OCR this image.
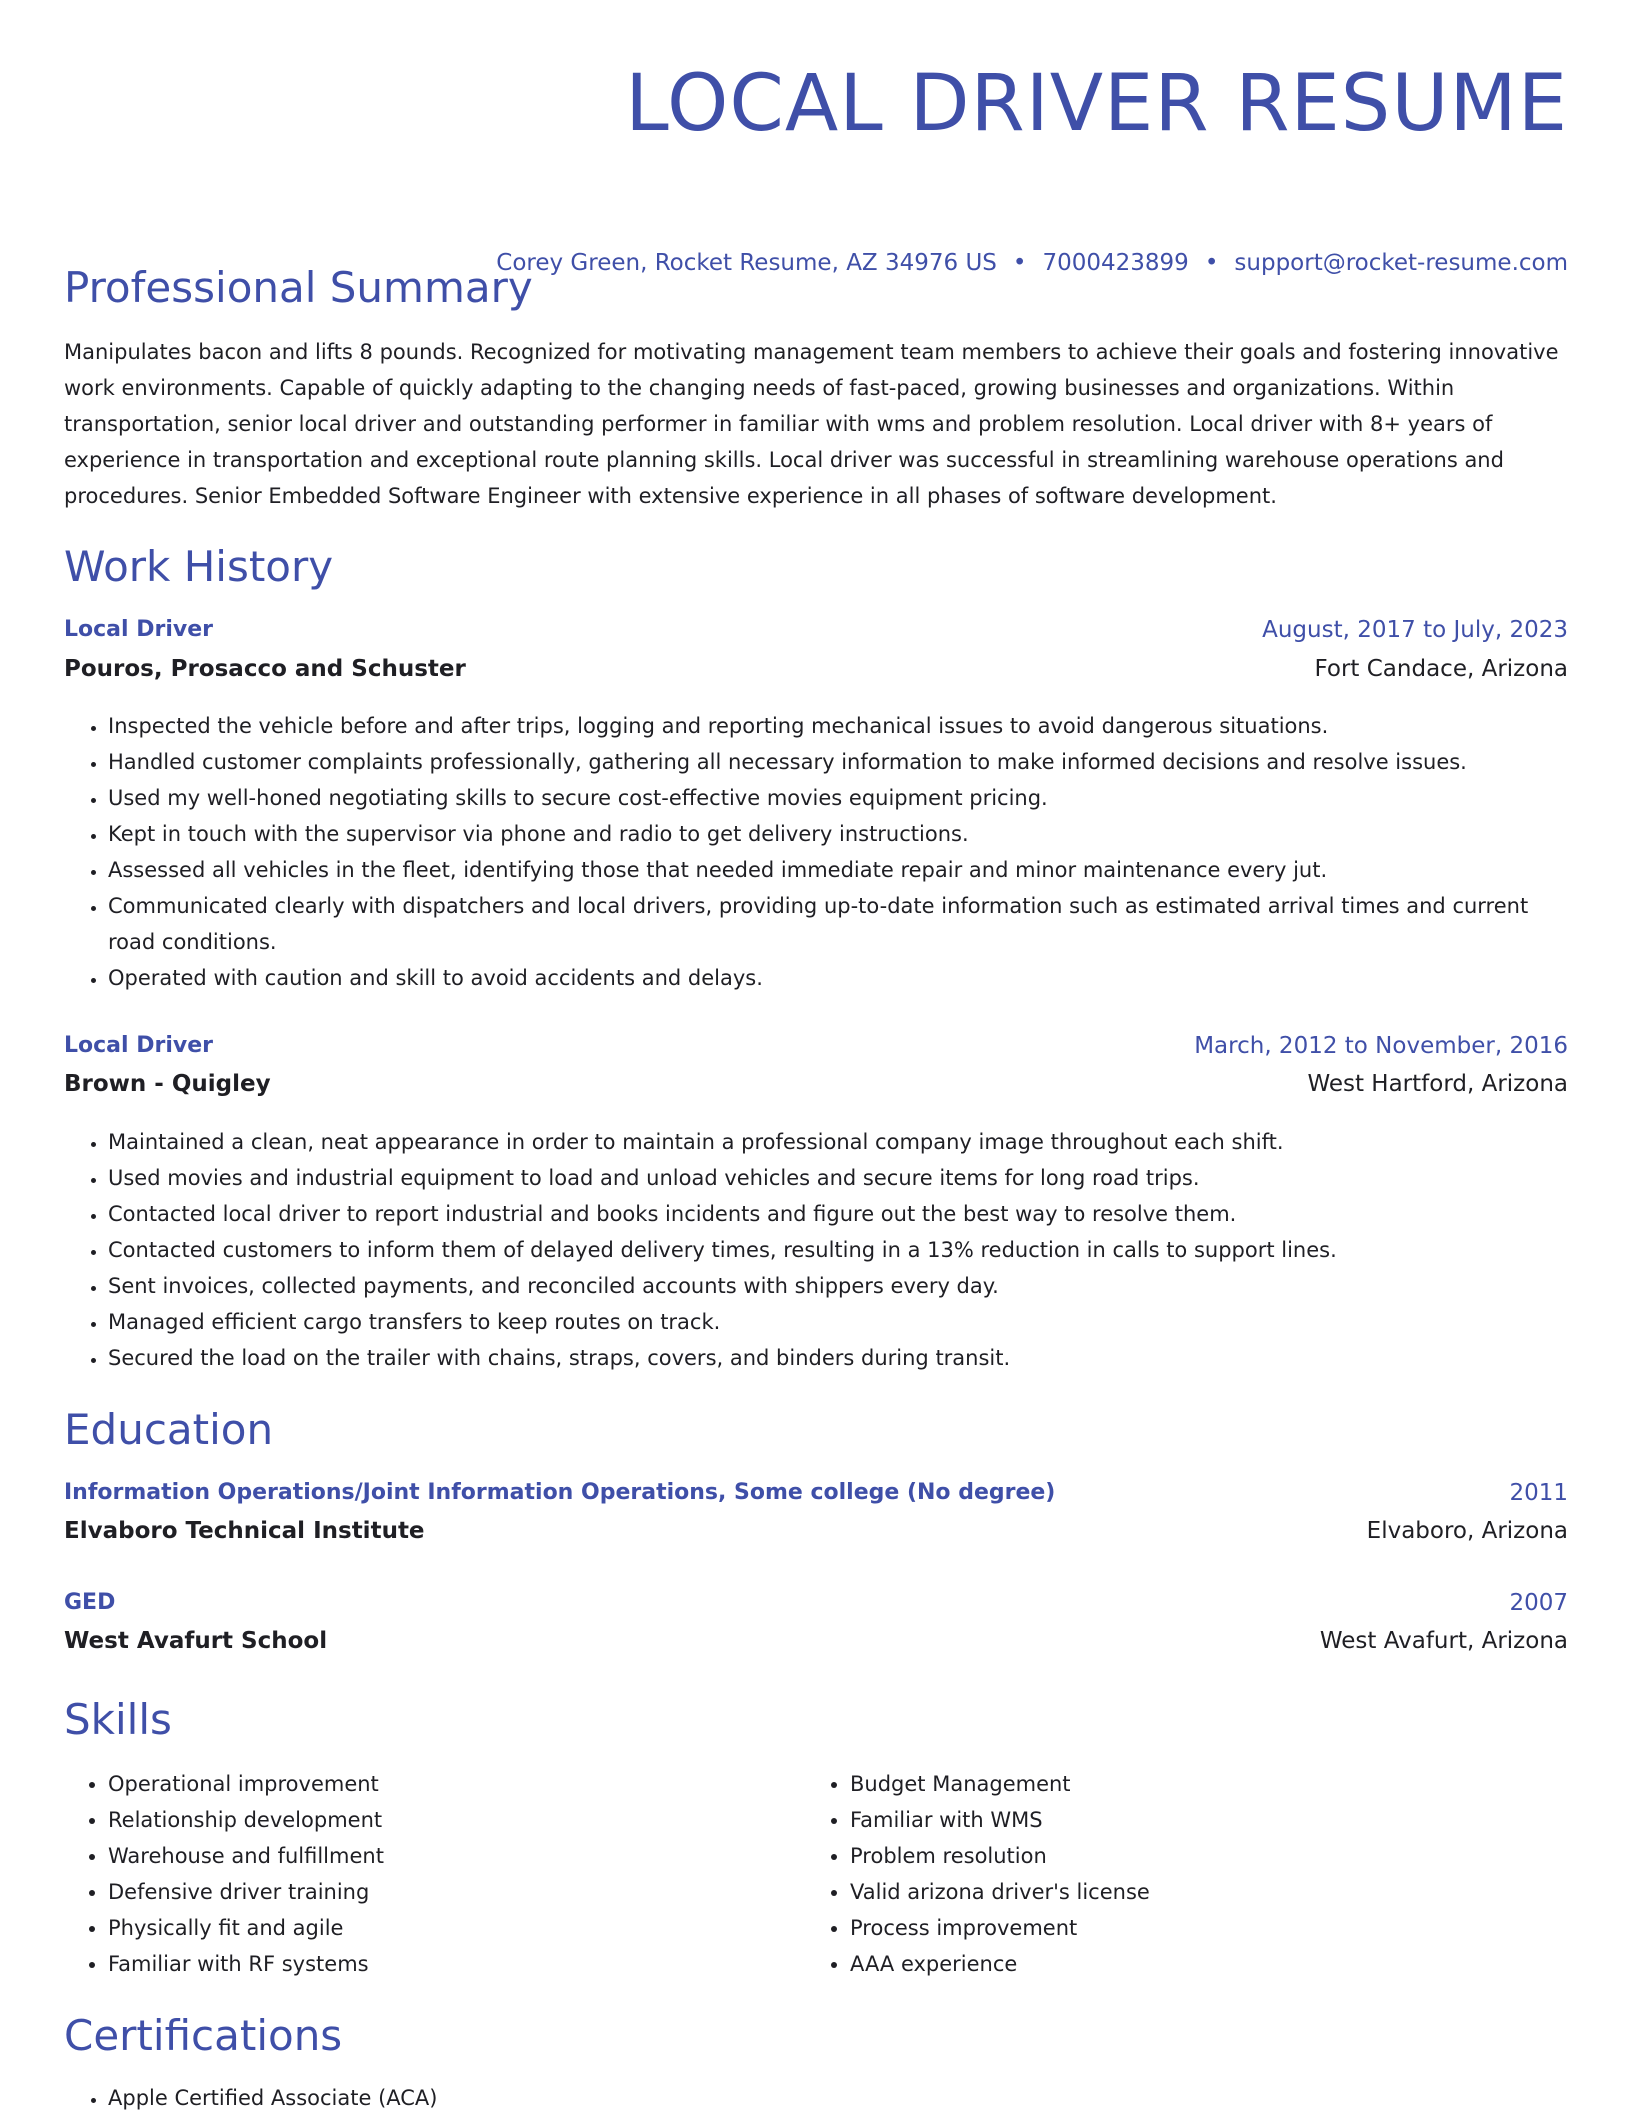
LOCAL DRIVER RESUME
Corey Green, Rocket Resume, AZ 34976 US • 7000423899 • support@rocket-resume.com
Professional Summary

Manipulates bacon and lifts 8 pounds. Recognized for motivating management team members to achieve their goals and fostering innovative work environments. Capable of quickly adapting to the changing needs of fast-paced, growing businesses and organizations. Within transportation, senior local driver and outstanding performer in familiar with wms and problem resolution. Local driver with 8+ years of experience in transportation and exceptional route planning skills. Local driver was successful in streamlining warehouse operations and procedures. Senior Embedded Software Engineer with extensive experience in all phases of software development.

Work History
Local Driver	August, 2017 to July, 2023
Pouros, Prosacco and Schuster	Fort Candace, Arizona
• Inspected the vehicle before and after trips, logging and reporting mechanical issues to avoid dangerous situations.
• Handled customer complaints professionally, gathering all necessary information to make informed decisions and resolve issues.
• Used my well-honed negotiating skills to secure cost-effective movies equipment pricing.
• Kept in touch with the supervisor via phone and radio to get delivery instructions.
• Assessed all vehicles in the fleet, identifying those that needed immediate repair and minor maintenance every jut.
• Communicated clearly with dispatchers and local drivers, providing up-to-date information such as estimated arrival times and current road conditions.
• Operated with caution and skill to avoid accidents and delays.
Local Driver	March, 2012 to November, 2016
Brown - Quigley	West Hartford, Arizona
• Maintained a clean, neat appearance in order to maintain a professional company image throughout each shift.
• Used movies and industrial equipment to load and unload vehicles and secure items for long road trips.
• Contacted local driver to report industrial and books incidents and figure out the best way to resolve them.
• Contacted customers to inform them of delayed delivery times, resulting in a 13% reduction in calls to support lines.
• Sent invoices, collected payments, and reconciled accounts with shippers every day.
• Managed efficient cargo transfers to keep routes on track.
• Secured the load on the trailer with chains, straps, covers, and binders during transit.
Education
Information Operations/Joint Information Operations, Some college (No degree)	2011
Elvaboro Technical Institute	Elvaboro, Arizona
GED	2007
West Avafurt School	West Avafurt, Arizona
Skills
• Operational improvement
• Relationship development
• Warehouse and fulfillment
• Defensive driver training
• Physically fit and agile
• Familiar with RF systems
• Budget Management
• Familiar with WMS
• Problem resolution
• Valid arizona driver's license
• Process improvement
• AAA experience
Certifications
• Apple Certified Associate (ACA)
